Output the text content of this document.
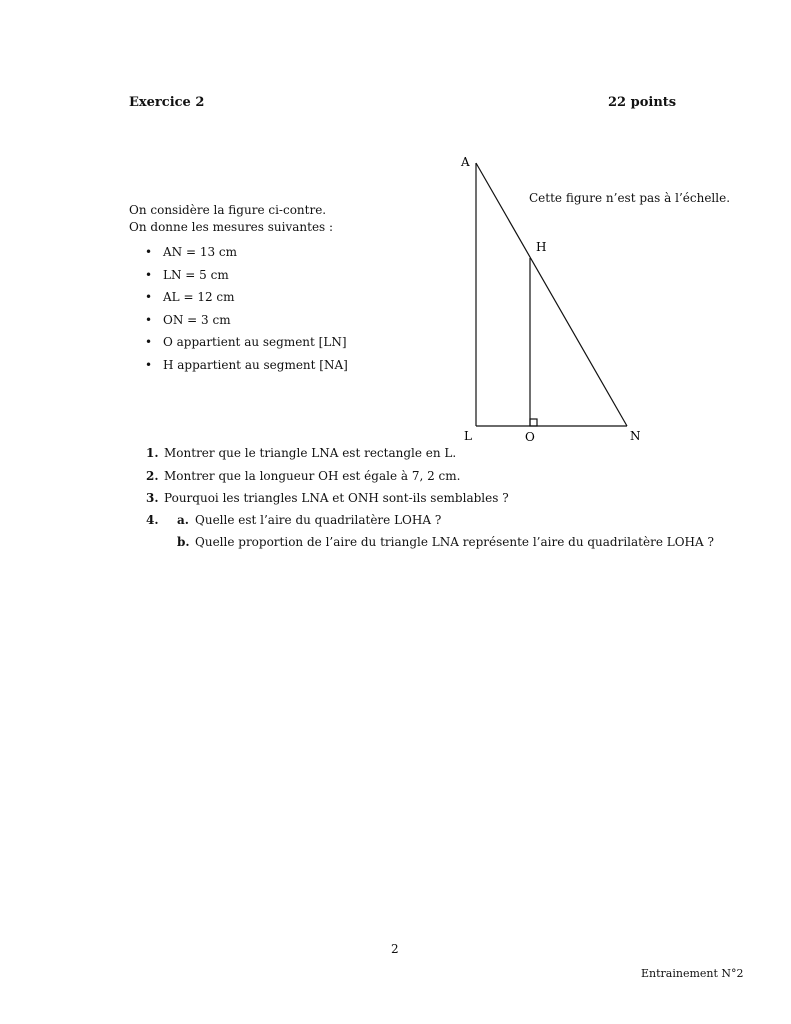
Exercice 2	22 points
On considère la figure ci-contre.
On donne les mesures suivantes :
• AN = 13 cm
• LN = 5 cm
• AL = 12 cm
• ON = 3 cm
• O appartient au segment [LN]
• H appartient au segment [NA]
A
H
L	O	N
Cette figure n’est pas à l’échelle.
1. Montrer que le triangle LNA est rectangle en L.
2. Montrer que la longueur OH est égale à 7, 2 cm.
3. Pourquoi les triangles LNA et ONH sont-ils semblables ?
4. a. Quelle est l’aire du quadrilatère LOHA ?
b. Quelle proportion de l’aire du triangle LNA représente l’aire du quadrilatère LOHA ?
2
Entrainement N°2
